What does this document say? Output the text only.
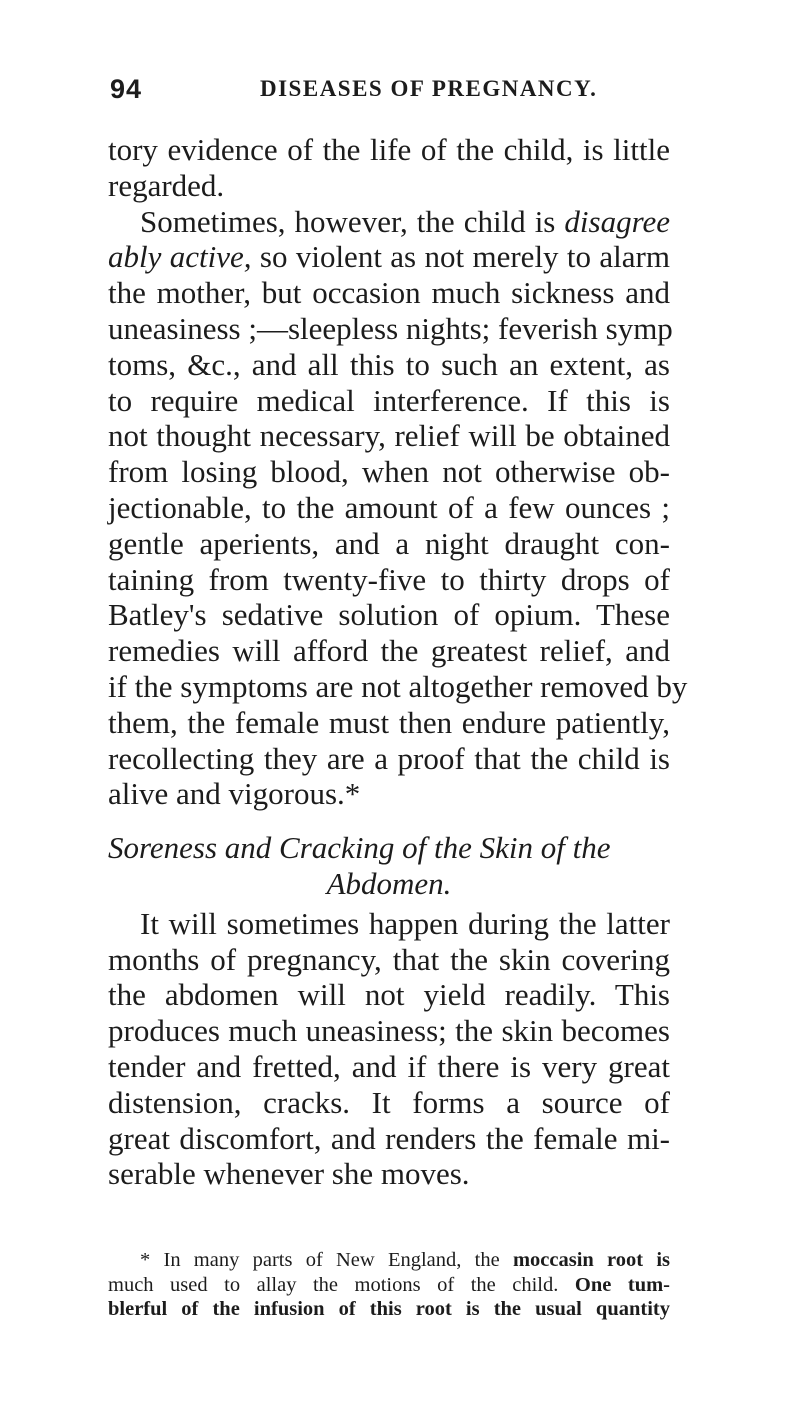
94	DISEASES OF PREGNANCY.
tory evidence of the life of the child, is little
regarded.
Sometimes, however, the child is disagree
ably active, so violent as not merely to alarm
the mother, but occasion much sickness and
uneasiness ;—sleepless nights; feverish symp
toms, &c., and all this to such an extent, as
to require medical interference. If this is
not thought necessary, relief will be obtained
from losing blood, when not otherwise ob-
jectionable, to the amount of a few ounces ;
gentle aperients, and a night draught con-
taining from twenty-five to thirty drops of
Batley's sedative solution of opium. These
remedies will afford the greatest relief, and
if the symptoms are not altogether removed by
them, the female must then endure patiently,
recollecting they are a proof that the child is
alive and vigorous.*
Soreness and Cracking of the Skin of the
Abdomen.
It will sometimes happen during the latter
months of pregnancy, that the skin covering
the abdomen will not yield readily. This
produces much uneasiness; the skin becomes
tender and fretted, and if there is very great
distension, cracks. It forms a source of
great discomfort, and renders the female mi-
serable whenever she moves.
* In many parts of New England, the moccasin root is
much used to allay the motions of the child. One tum-
blerful of the infusion of this root is the usual quantity
